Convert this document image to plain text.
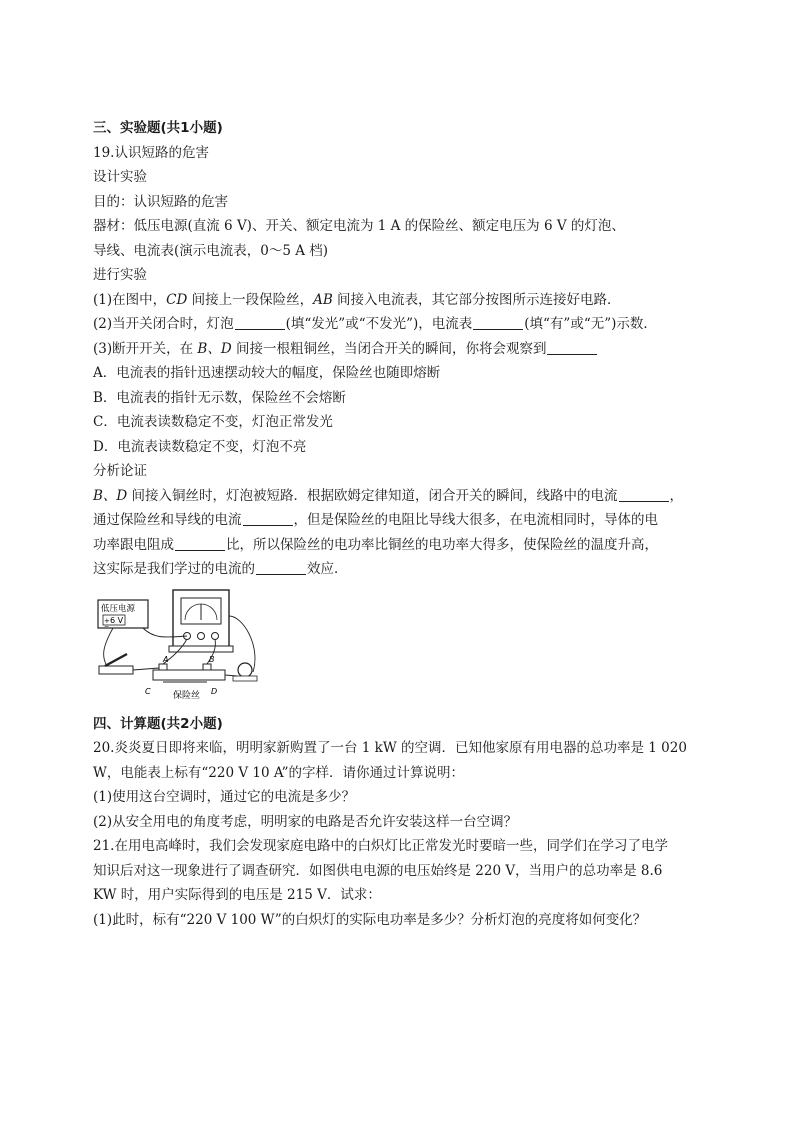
三、实验题(共1小题)
19.认识短路的危害
设计实验
目的：认识短路的危害
器材：低压电源(直流 6 V)、开关、额定电流为 1 A 的保险丝、额定电压为 6 V 的灯泡、
导线、电流表(演示电流表，0～5 A 档)
进行实验
(1)在图中，CD 间接上一段保险丝，AB 间接入电流表，其它部分按图所示连接好电路．
(2)当开关闭合时，灯泡	(填“发光”或“不发光”)，电流表	(填“有”或“无”)示数．
(3)断开开关，在 B、D 间接一根粗铜丝，当闭合开关的瞬间，你将会观察到
A．电流表的指针迅速摆动较大的幅度，保险丝也随即熔断
B．电流表的指针无示数，保险丝不会熔断
C．电流表读数稳定不变，灯泡正常发光
D．电流表读数稳定不变，灯泡不亮
分析论证
B、D 间接入铜丝时，灯泡被短路．根据欧姆定律知道，闭合开关的瞬间，线路中的电流	，
通过保险丝和导线的电流	，但是保险丝的电阻比导线大很多，在电流相同时，导体的电
功率跟电阻成	比，所以保险丝的电功率比铜丝的电功率大得多，使保险丝的温度升高，
这实际是我们学过的电流的	效应．
低压电源
+
−
6 V
保险丝
A	B
C	D
四、计算题(共2小题)
20.炎炎夏日即将来临，明明家新购置了一台 1 kW 的空调．已知他家原有用电器的总功率是 1 020
W，电能表上标有“220 V 10 A”的字样．请你通过计算说明：
(1)使用这台空调时，通过它的电流是多少？
(2)从安全用电的角度考虑，明明家的电路是否允许安装这样一台空调？
21.在用电高峰时，我们会发现家庭电路中的白炽灯比正常发光时要暗一些，同学们在学习了电学
知识后对这一现象进行了调查研究．如图供电电源的电压始终是 220 V，当用户的总功率是 8.6
KW 时，用户实际得到的电压是 215 V．试求：
(1)此时，标有“220 V 100 W”的白炽灯的实际电功率是多少？分析灯泡的亮度将如何变化？
